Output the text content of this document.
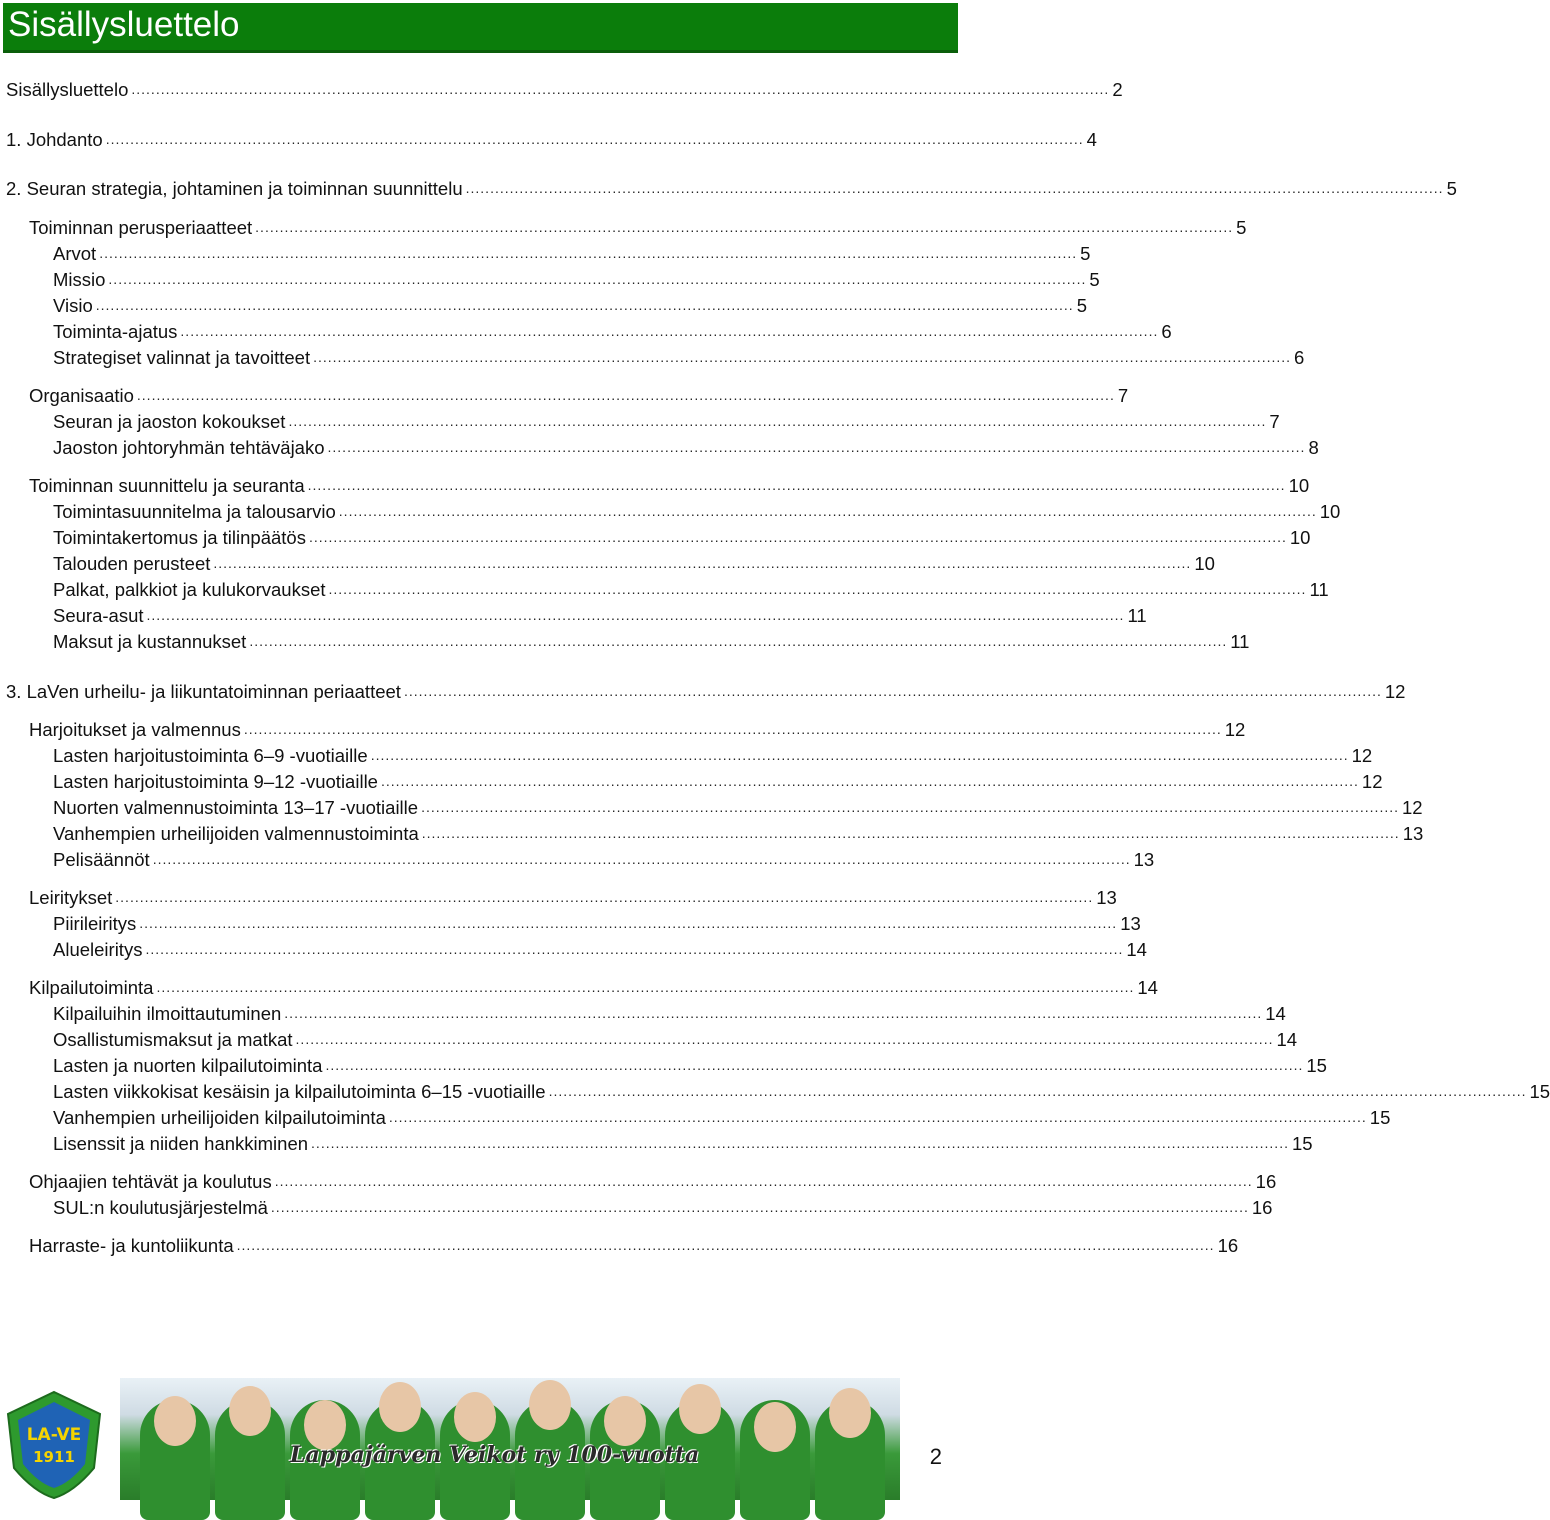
Sisällysluettelo
Sisällysluettelo ........................................................................................................................................................................................................ 2
1. Johdanto ........................................................................................................................................................................................................ 4
2. Seuran strategia, johtaminen ja toiminnan suunnittelu ........................................................................................................................................................................................................ 5
Toiminnan perusperiaatteet ........................................................................................................................................................................................................ 5
Arvot ........................................................................................................................................................................................................ 5
Missio ........................................................................................................................................................................................................ 5
Visio ........................................................................................................................................................................................................ 5
Toiminta-ajatus ........................................................................................................................................................................................................ 6
Strategiset valinnat ja tavoitteet ........................................................................................................................................................................................................ 6
Organisaatio ........................................................................................................................................................................................................ 7
Seuran ja jaoston kokoukset ........................................................................................................................................................................................................ 7
Jaoston johtoryhmän tehtäväjako ........................................................................................................................................................................................................ 8
Toiminnan suunnittelu ja seuranta ........................................................................................................................................................................................................ 10
Toimintasuunnitelma ja talousarvio ........................................................................................................................................................................................................ 10
Toimintakertomus ja tilinpäätös ........................................................................................................................................................................................................ 10
Talouden perusteet ........................................................................................................................................................................................................ 10
Palkat, palkkiot ja kulukorvaukset ........................................................................................................................................................................................................ 11
Seura-asut ........................................................................................................................................................................................................ 11
Maksut ja kustannukset ........................................................................................................................................................................................................ 11
3. LaVen urheilu- ja liikuntatoiminnan periaatteet ........................................................................................................................................................................................................ 12
Harjoitukset ja valmennus ........................................................................................................................................................................................................ 12
Lasten harjoitustoiminta 6–9 -vuotiaille ........................................................................................................................................................................................................ 12
Lasten harjoitustoiminta 9–12 -vuotiaille ........................................................................................................................................................................................................ 12
Nuorten valmennustoiminta 13–17 -vuotiaille ........................................................................................................................................................................................................ 12
Vanhempien urheilijoiden valmennustoiminta ........................................................................................................................................................................................................ 13
Pelisäännöt ........................................................................................................................................................................................................ 13
Leiritykset ........................................................................................................................................................................................................ 13
Piirileiritys ........................................................................................................................................................................................................ 13
Alueleiritys ........................................................................................................................................................................................................ 14
Kilpailutoiminta ........................................................................................................................................................................................................ 14
Kilpailuihin ilmoittautuminen ........................................................................................................................................................................................................ 14
Osallistumismaksut ja matkat ........................................................................................................................................................................................................ 14
Lasten ja nuorten kilpailutoiminta ........................................................................................................................................................................................................ 15
Lasten viikkokisat kesäisin ja kilpailutoiminta 6–15 -vuotiaille ........................................................................................................................................................................................................ 15
Vanhempien urheilijoiden kilpailutoiminta ........................................................................................................................................................................................................ 15
Lisenssit ja niiden hankkiminen ........................................................................................................................................................................................................ 15
Ohjaajien tehtävät ja koulutus ........................................................................................................................................................................................................ 16
SUL:n koulutusjärjestelmä ........................................................................................................................................................................................................ 16
Harraste- ja kuntoliikunta ........................................................................................................................................................................................................ 16
LA-VE
1911	Lappajärven Veikot ry 100-vuotta	2
